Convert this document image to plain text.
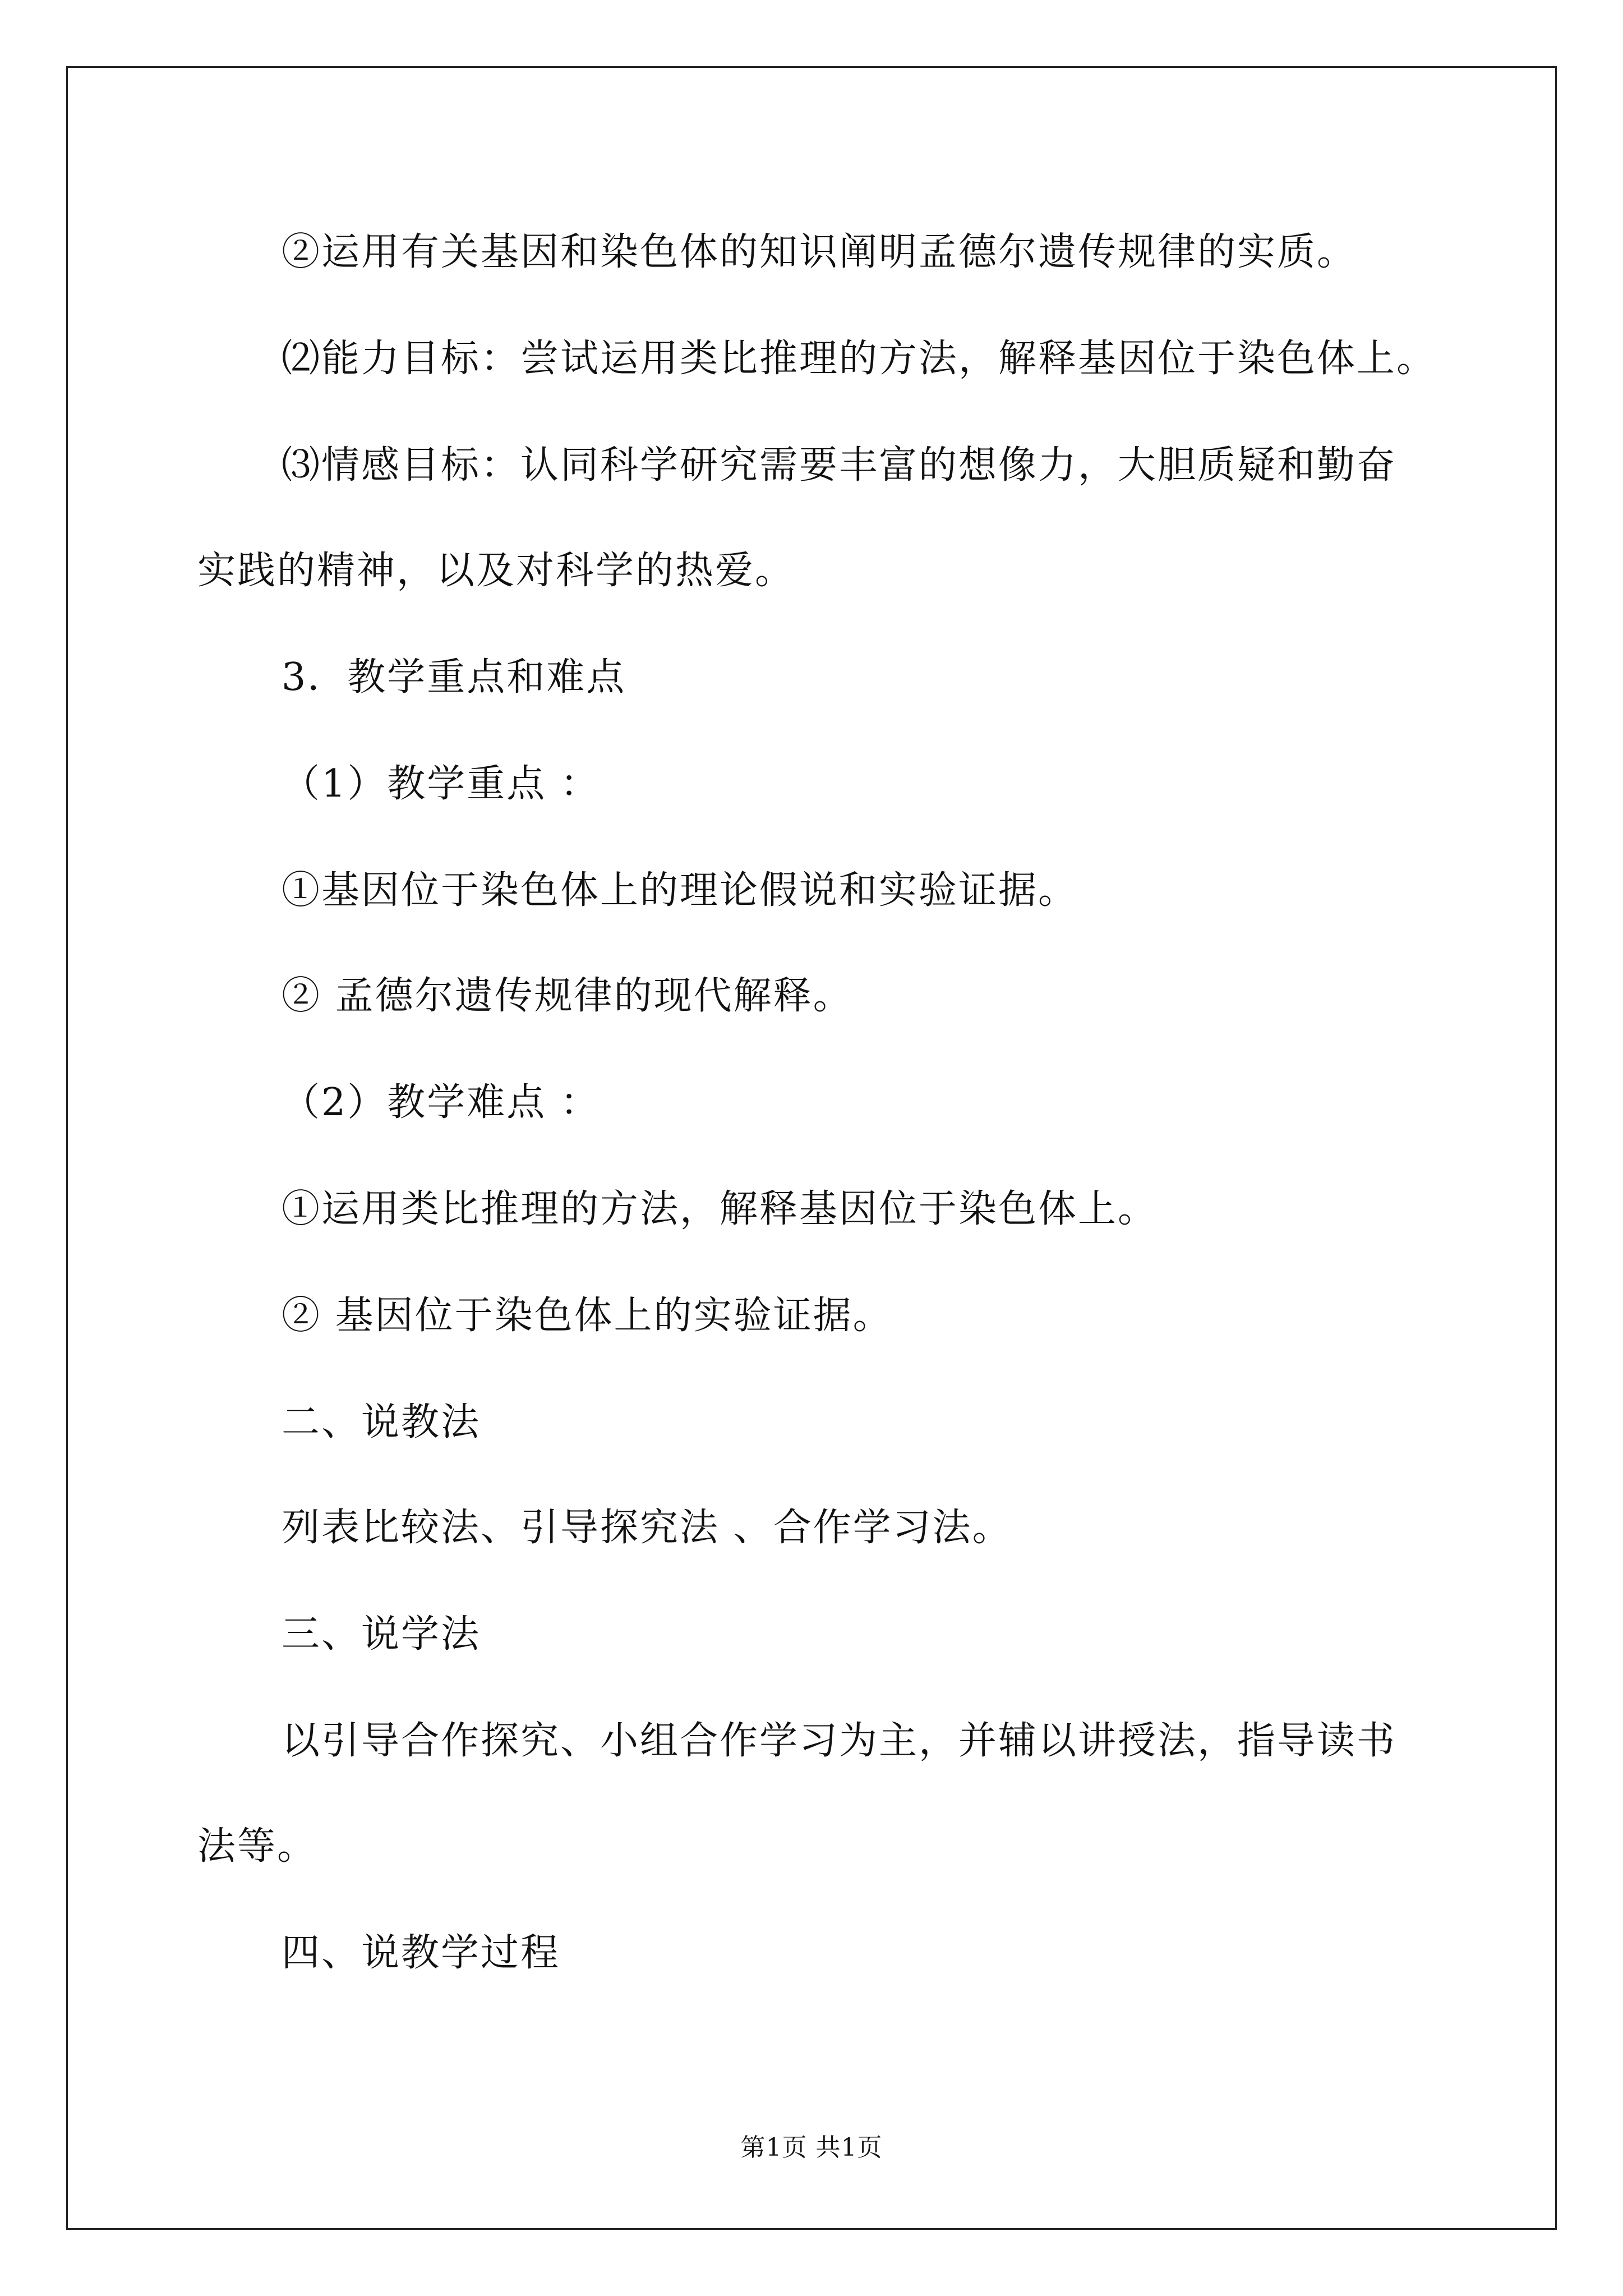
②运用有关基因和染色体的知识阐明孟德尔遗传规律的实质。
⑵能力目标：尝试运用类比推理的方法，解释基因位于染色体上。
⑶情感目标：认同科学研究需要丰富的想像力，大胆质疑和勤奋
实践的精神，以及对科学的热爱。
3．教学重点和难点
（1）教学重点 ：
①基因位于染色体上的理论假说和实验证据。
② 孟德尔遗传规律的现代解释。
（2）教学难点 ：
①运用类比推理的方法，解释基因位于染色体上。
② 基因位于染色体上的实验证据。
二、说教法
列表比较法、引导探究法 、合作学习法。
三、说学法
以引导合作探究、小组合作学习为主，并辅以讲授法，指导读书
法等。
四、说教学过程
第1页 共1页
